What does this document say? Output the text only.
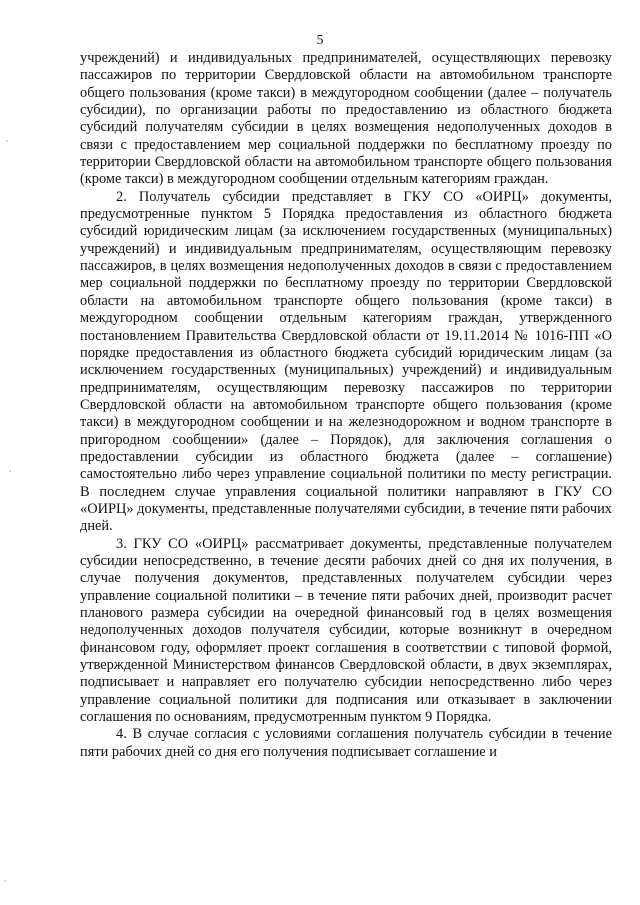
5

учреждений) и индивидуальных предпринимателей, осуществляющих перевозку пассажиров по территории Свердловской области на автомобильном транспорте общего пользования (кроме такси) в междугородном сообщении (далее – получатель субсидии), по организации работы по предоставлению из областного бюджета субсидий получателям субсидии в целях возмещения недополученных доходов в связи с предоставлением мер социальной поддержки по бесплатному проезду по территории Свердловской области на автомобильном транспорте общего пользования (кроме такси) в междугородном сообщении отдельным категориям граждан.

2. Получатель субсидии представляет в ГКУ СО «ОИРЦ» документы, предусмотренные пунктом 5 Порядка предоставления из областного бюджета субсидий юридическим лицам (за исключением государственных (муниципальных) учреждений) и индивидуальным предпринимателям, осуществляющим перевозку пассажиров, в целях возмещения недополученных доходов в связи с предоставлением мер социальной поддержки по бесплатному проезду по территории Свердловской области на автомобильном транспорте общего пользования (кроме такси) в междугородном сообщении отдельным категориям граждан, утвержденного постановлением Правительства Свердловской области от 19.11.2014 № 1016-ПП «О порядке предоставления из областного бюджета субсидий юридическим лицам (за исключением государственных (муниципальных) учреждений) и индивидуальным предпринимателям, осуществляющим перевозку пассажиров по территории Свердловской области на автомобильном транспорте общего пользования (кроме такси) в междугородном сообщении и на железнодорожном и водном транспорте в пригородном сообщении» (далее – Порядок), для заключения соглашения о предоставлении субсидии из областного бюджета (далее – соглашение) самостоятельно либо через управление социальной политики по месту регистрации. В последнем случае управления социальной политики направляют в ГКУ СО «ОИРЦ» документы, представленные получателями субсидии, в течение пяти рабочих дней.

3. ГКУ СО «ОИРЦ» рассматривает документы, представленные получателем субсидии непосредственно, в течение десяти рабочих дней со дня их получения, в случае получения документов, представленных получателем субсидии через управление социальной политики – в течение пяти рабочих дней, производит расчет планового размера субсидии на очередной финансовый год в целях возмещения недополученных доходов получателя субсидии, которые возникнут в очередном финансовом году, оформляет проект соглашения в соответствии с типовой формой, утвержденной Министерством финансов Свердловской области, в двух экземплярах, подписывает и направляет его получателю субсидии непосредственно либо через управление социальной политики для подписания или отказывает в заключении соглашения по основаниям, предусмотренным пунктом 9 Порядка.

4. В случае согласия с условиями соглашения получатель субсидии в течение пяти рабочих дней со дня его получения подписывает соглашение и
